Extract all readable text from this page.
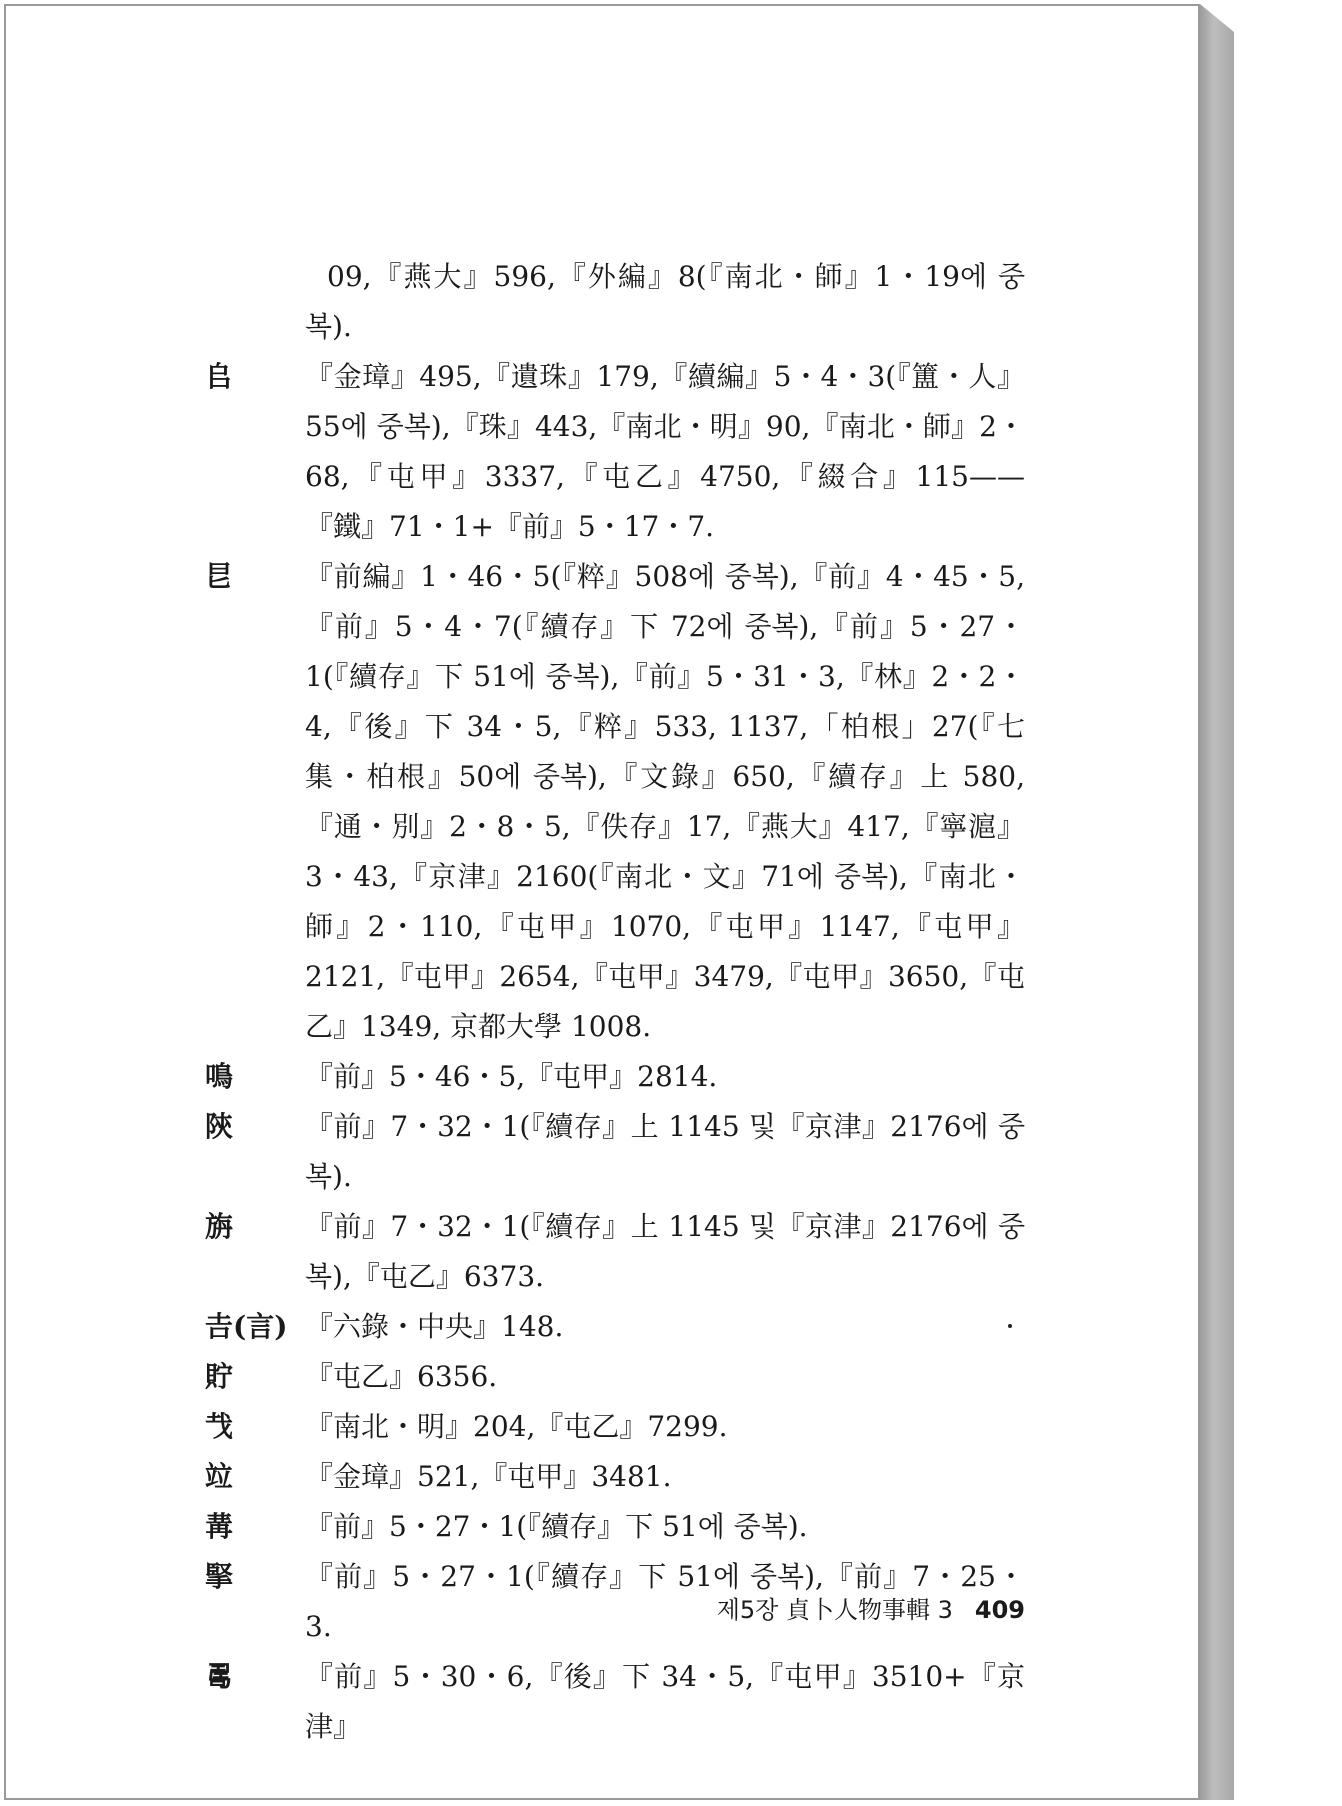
09,『燕大』596,『外編』8(『南北・師』1・19에 중복).
𠂤	『金璋』495,『遺珠』179,『續編』5・4・3(『簠・人』55에 중복),『珠』443,『南北・明』90,『南北・師』2・68,『屯甲』3337,『屯乙』4750,『綴合』115——『鐵』71・1+『前』5・17・7.
㫐	『前編』1・46・5(『粹』508에 중복),『前』4・45・5,『前』5・4・7(『續存』下 72에 중복),『前』5・27・1(『續存』下 51에 중복),『前』5・31・3,『林』2・2・4,『後』下 34・5,『粹』533, 1137,「柏根」27(『七集・柏根』50에 중복),『文錄』650,『續存』上 580,『通・別』2・8・5,『佚存』17,『燕大』417,『寧滬』3・43,『京津』2160(『南北・文』71에 중복),『南北・師』2・110,『屯甲』1070,『屯甲』1147,『屯甲』2121,『屯甲』2654,『屯甲』3479,『屯甲』3650,『屯乙』1349, 京都大學 1008.
鳴	『前』5・46・5,『屯甲』2814.
陝	『前』7・32・1(『續存』上 1145 및『京津』2176에 중복).
旃	『前』7・32・1(『續存』上 1145 및『京津』2176에 중복),『屯乙』6373.
𠮷(言) 『六錄・中央』148.
貯	『屯乙』6356.
𢦏	『南北・明』204,『屯乙』7299.
竝	『金璋』521,『屯甲』3481.
冓	『前』5・27・1(『續存』下 51에 중복).
掔	『前』5・27・1(『續存』下 51에 중복),『前』7・25・3.
𠷎	『前』5・30・6,『後』下 34・5,『屯甲』3510+『京津』
제5장 貞卜人物事輯 3 409
